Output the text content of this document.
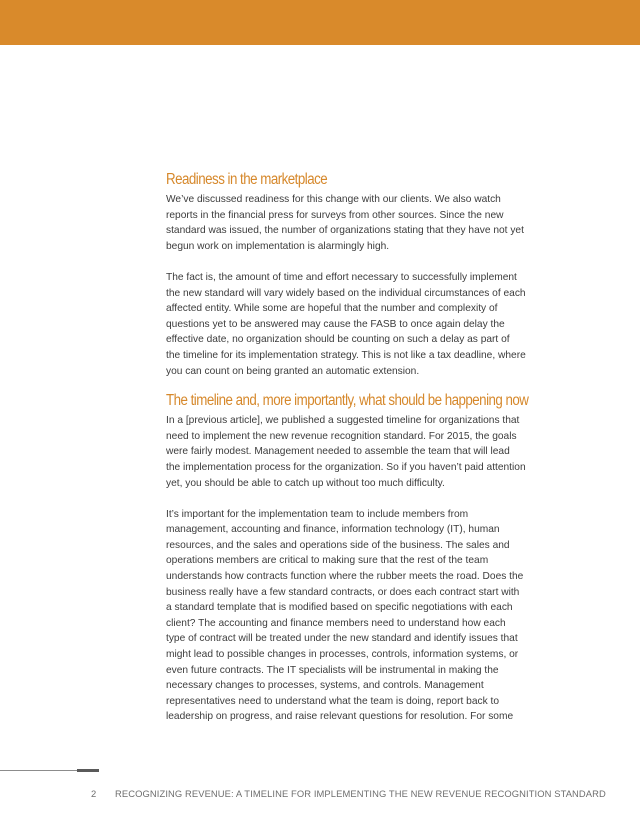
Readiness in the marketplace

We’ve discussed readiness for this change with our clients. We also watch reports in the financial press for surveys from other sources. Since the new standard was issued, the number of organizations stating that they have not yet begun work on implementation is alarmingly high.

The fact is, the amount of time and effort necessary to successfully implement the new standard will vary widely based on the individual circumstances of each affected entity. While some are hopeful that the number and complexity of questions yet to be answered may cause the FASB to once again delay the effective date, no organization should be counting on such a delay as part of the timeline for its implementation strategy. This is not like a tax deadline, where you can count on being granted an automatic extension.

The timeline and, more importantly, what should be happening now

In a [previous article], we published a suggested timeline for organizations that need to implement the new revenue recognition standard. For 2015, the goals were fairly modest. Management needed to assemble the team that will lead the implementation process for the organization. So if you haven’t paid attention yet, you should be able to catch up without too much difficulty.

It’s important for the implementation team to include members from management, accounting and finance, information technology (IT), human resources, and the sales and operations side of the business. The sales and operations members are critical to making sure that the rest of the team understands how contracts function where the rubber meets the road. Does the business really have a few standard contracts, or does each contract start with a standard template that is modified based on specific negotiations with each client? The accounting and finance members need to understand how each type of contract will be treated under the new standard and identify issues that might lead to possible changes in processes, controls, information systems, or even future contracts. The IT specialists will be instrumental in making the necessary changes to processes, systems, and controls. Management representatives need to understand what the team is doing, report back to leadership on progress, and raise relevant questions for resolution. For some

2 RECOGNIZING REVENUE: A TIMELINE FOR IMPLEMENTING THE NEW REVENUE RECOGNITION STANDARD
